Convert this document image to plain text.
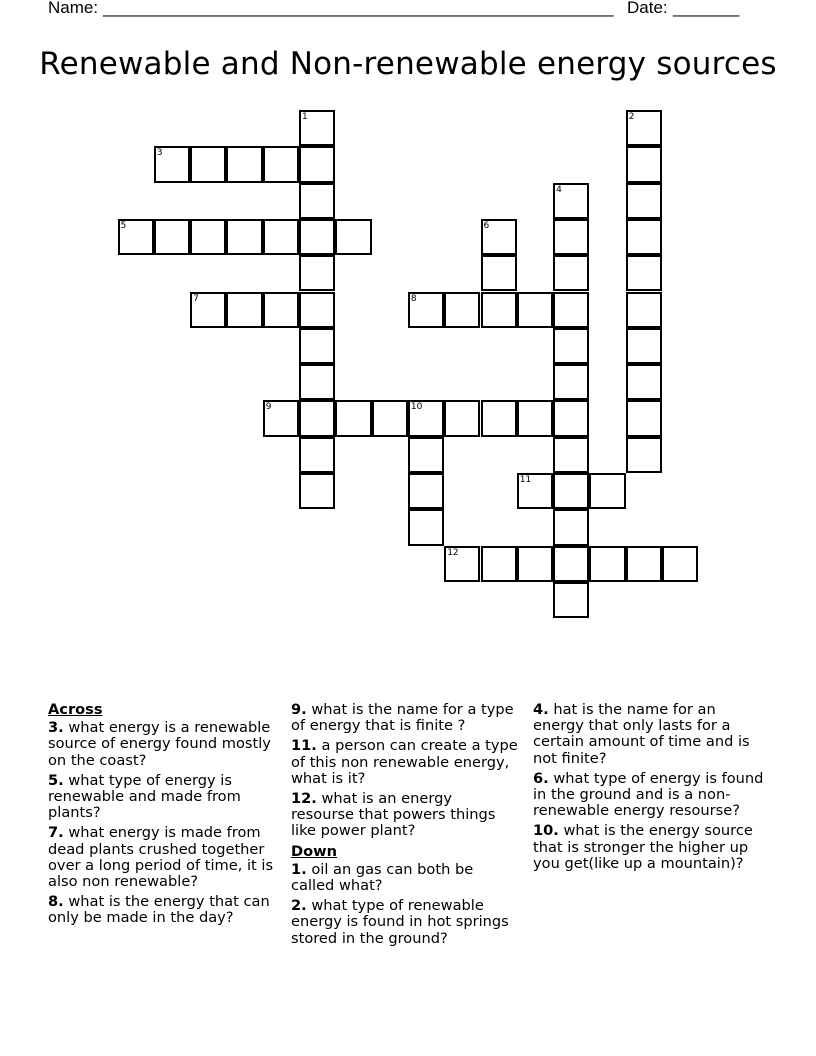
Name: ______________________________________________________ Date: _______
Renewable and Non-renewable energy sources
3
5
7	8
9	10
11
12
1	2
4
6
Across
3. what energy is a renewable source of energy found mostly on the coast?
5. what type of energy is renewable and made from plants?
7. what energy is made from dead plants crushed together over a long period of time, it is also non renewable?
8. what is the energy that can only be made in the day?
9. what is the name for a type of energy that is finite ?
11. a person can create a type of this non renewable energy, what is it?
12. what is an energy resourse that powers things like power plant?
Down
1. oil an gas can both be called what?
2. what type of renewable energy is found in hot springs stored in the ground?
4. hat is the name for an energy that only lasts for a certain amount of time and is not finite?
6. what type of energy is found in the ground and is a non-renewable energy resourse?
10. what is the energy source that is stronger the higher up you get(like up a mountain)?
